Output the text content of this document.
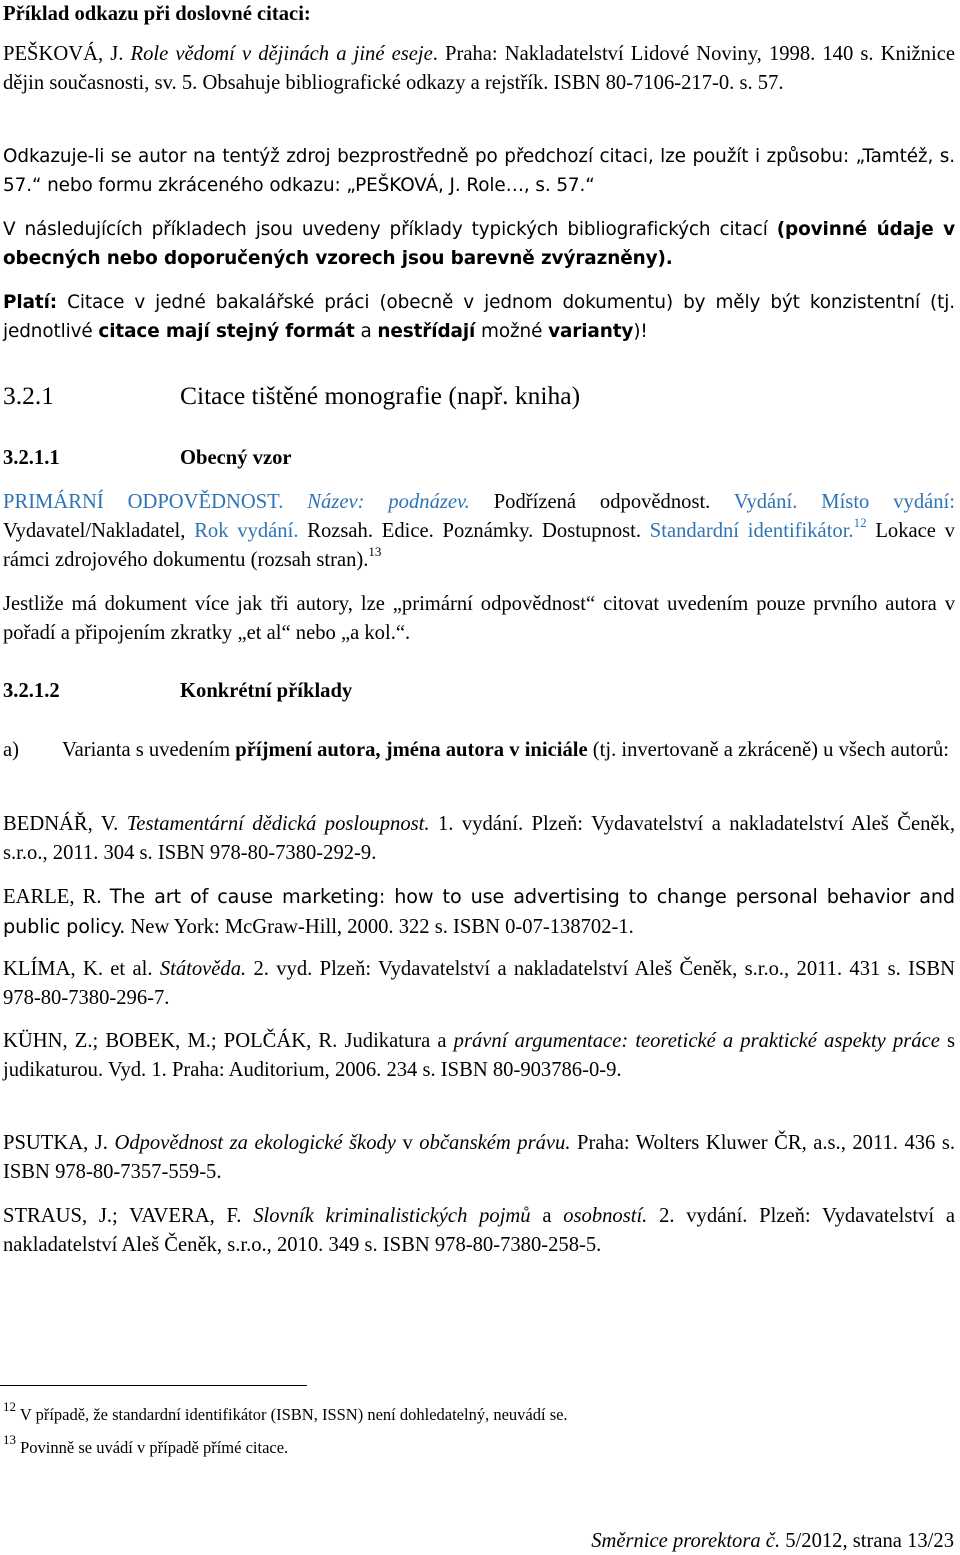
Příklad odkazu při doslovné citaci:

PEŠKOVÁ, J. Role vědomí v dějinách a jiné eseje. Praha: Nakladatelství Lidové Noviny, 1998. 140 s. Knižnice dějin současnosti, sv. 5. Obsahuje bibliografické odkazy a rejstřík. ISBN 80-7106-217-0. s. 57.

Odkazuje-li se autor na tentýž zdroj bezprostředně po předchozí citaci, lze použít i způsobu: „Tamtéž, s. 57.“ nebo formu zkráceného odkazu: „PEŠKOVÁ, J. Role…, s. 57.“

V následujících příkladech jsou uvedeny příklady typických bibliografických citací (povinné údaje v obecných nebo doporučených vzorech jsou barevně zvýrazněny).

Platí: Citace v jedné bakalářské práci (obecně v jednom dokumentu) by měly být konzistentní (tj. jednotlivé citace mají stejný formát a nestřídají možné varianty)!

3.2.1	Citace tištěné monografie (např. kniha)
3.2.1.1	Obecný vzor

PRIMÁRNÍ ODPOVĚDNOST. Název: podnázev. Podřízená odpovědnost. Vydání. Místo vydání: Vydavatel/Nakladatel, Rok vydání. Rozsah. Edice. Poznámky. Dostupnost. Standardní identifikátor.$^{12}$ Lokace v rámci zdrojového dokumentu (rozsah stran).$^{13}$

Jestliže má dokument více jak tři autory, lze „primární odpovědnost“ citovat uvedením pouze prvního autora v pořadí a připojením zkratky „et al“ nebo „a kol.“.

3.2.1.2	Konkrétní příklady
a) Varianta s uvedením příjmení autora, jména autora v iniciále (tj. invertovaně a zkráceně) u všech autorů:

BEDNÁŘ, V. Testamentární dědická posloupnost. 1. vydání. Plzeň: Vydavatelství a nakladatelství Aleš Čeněk, s.r.o., 2011. 304 s. ISBN 978-80-7380-292-9.

EARLE, R. The art of cause marketing: how to use advertising to change personal behavior and public policy. New York: McGraw-Hill, 2000. 322 s. ISBN 0-07-138702-1.

KLÍMA, K. et al. Státověda. 2. vyd. Plzeň: Vydavatelství a nakladatelství Aleš Čeněk, s.r.o., 2011. 431 s. ISBN 978-80-7380-296-7.

KÜHN, Z.; BOBEK, M.; POLČÁK, R. Judikatura a právní argumentace: teoretické a praktické aspekty práce s judikaturou. Vyd. 1. Praha: Auditorium, 2006. 234 s. ISBN 80-903786-0-9.

PSUTKA, J. Odpovědnost za ekologické škody v občanském právu. Praha: Wolters Kluwer ČR, a.s., 2011. 436 s. ISBN 978-80-7357-559-5.

STRAUS, J.; VAVERA, F. Slovník kriminalistických pojmů a osobností. 2. vydání. Plzeň: Vydavatelství a nakladatelství Aleš Čeněk, s.r.o., 2010. 349 s. ISBN 978-80-7380-258-5.

$^{12}$ V případě, že standardní identifikátor (ISBN, ISSN) není dohledatelný, neuvádí se.

$^{13}$ Povinně se uvádí v případě přímé citace.

Směrnice prorektora č. 5/2012, strana 13/23
